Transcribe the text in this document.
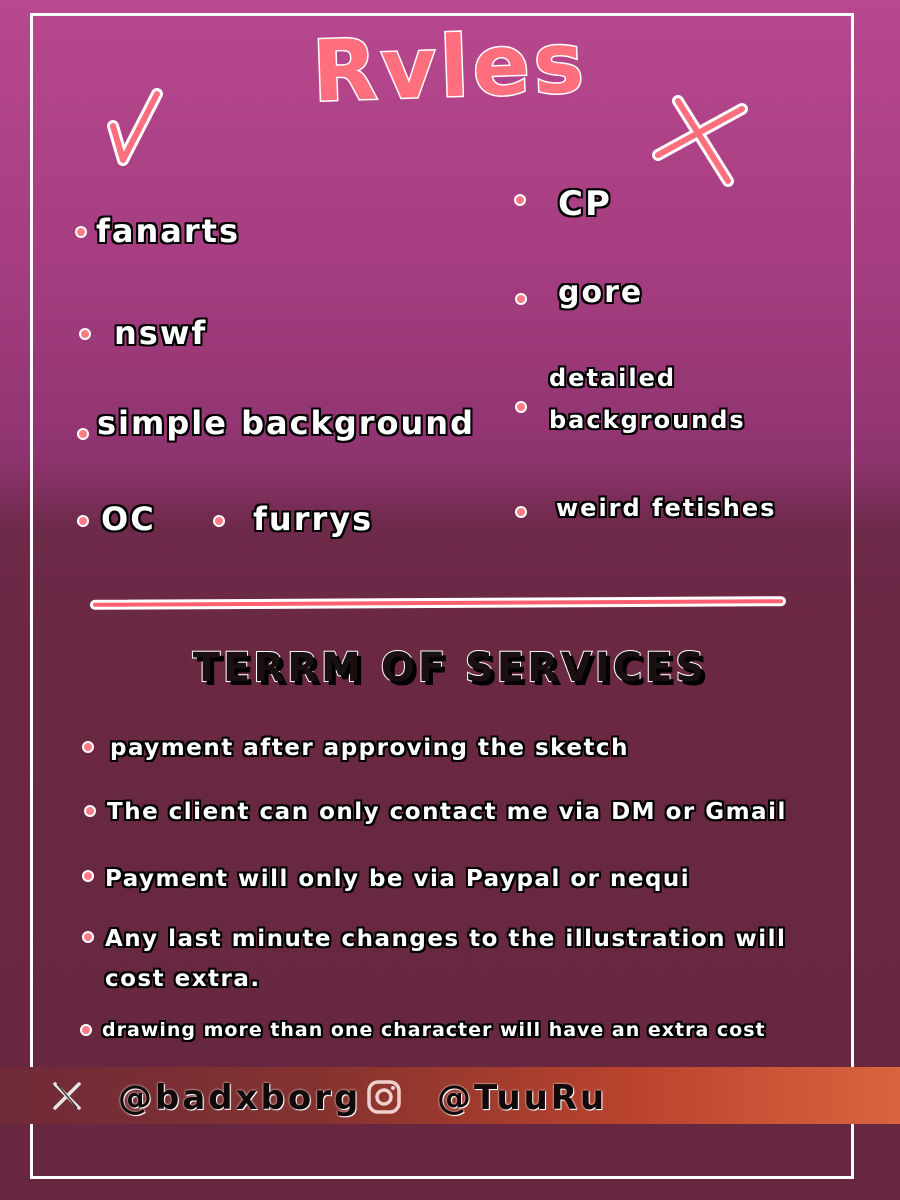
Rvles
fanarts
nswf
simple background
OC	furrys
CP
gore
detailed
backgrounds
weird fetishes
TERRM OF SERVICES
payment after approving the sketch
The client can only contact me via DM or Gmail
Payment will only be via Paypal or nequi
Any last minute changes to the illustration will
cost extra.
drawing more than one character will have an extra cost
@badxborg @TuuRu
